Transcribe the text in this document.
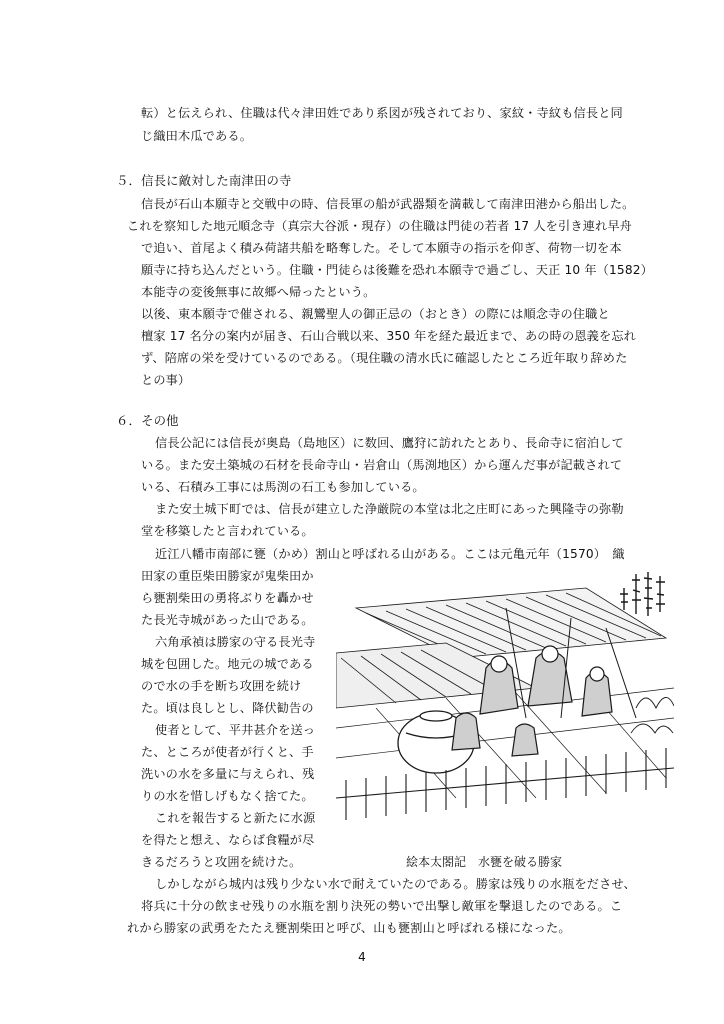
転）と伝えられ、住職は代々津田姓であり系図が残されており、家紋・寺紋も信長と同
じ織田木瓜である。
５．信長に敵対した南津田の寺
信長が石山本願寺と交戦中の時、信長軍の船が武器類を満載して南津田港から船出した。
これを察知した地元順念寺（真宗大谷派・現存）の住職は門徒の若者 17 人を引き連れ早舟
で追い、首尾よく積み荷諸共船を略奪した。そして本願寺の指示を仰ぎ、荷物一切を本
願寺に持ち込んだという。住職・門徒らは後難を恐れ本願寺で過ごし、天正 10 年（1582）
本能寺の変後無事に故郷へ帰ったという。
以後、東本願寺で催される、親鸞聖人の御正忌の（おとき）の際には順念寺の住職と
檀家 17 名分の案内が届き、石山合戦以来、350 年を経た最近まで、あの時の恩義を忘れ
ず、陪席の栄を受けているのである。（現住職の清水氏に確認したところ近年取り辞めた
との事）
６．その他
信長公記には信長が奥島（島地区）に数回、鷹狩に訪れたとあり、長命寺に宿泊して
いる。また安土築城の石材を長命寺山・岩倉山（馬渕地区）から運んだ事が記載されて
いる、石積み工事には馬渕の石工も参加している。
また安土城下町では、信長が建立した浄厳院の本堂は北之庄町にあった興隆寺の弥勒
堂を移築したと言われている。
近江八幡市南部に甕（かめ）割山と呼ばれる山がある。ここは元亀元年（1570）　織
田家の重臣柴田勝家が鬼柴田か
ら甕割柴田の勇将ぶりを轟かせ
た長光寺城があった山である。
六角承禎は勝家の守る長光寺
城を包囲した。地元の城である
ので水の手を断ち攻囲を続け
た。頃は良しとし、降伏勧告の
使者として、平井甚介を送っ
た、ところが使者が行くと、手
洗いの水を多量に与えられ、残
りの水を惜しげもなく捨てた。
これを報告すると新たに水源
を得たと想え、ならば食糧が尽
きるだろうと攻囲を続けた。	絵本太閤記　水甕を破る勝家
しかしながら城内は残り少ない水で耐えていたのである。勝家は残りの水瓶をださせ、
将兵に十分の飲ませ残りの水瓶を割り決死の勢いで出撃し敵軍を撃退したのである。こ
れから勝家の武勇をたたえ甕割柴田と呼び、山も甕割山と呼ばれる様になった。
4
